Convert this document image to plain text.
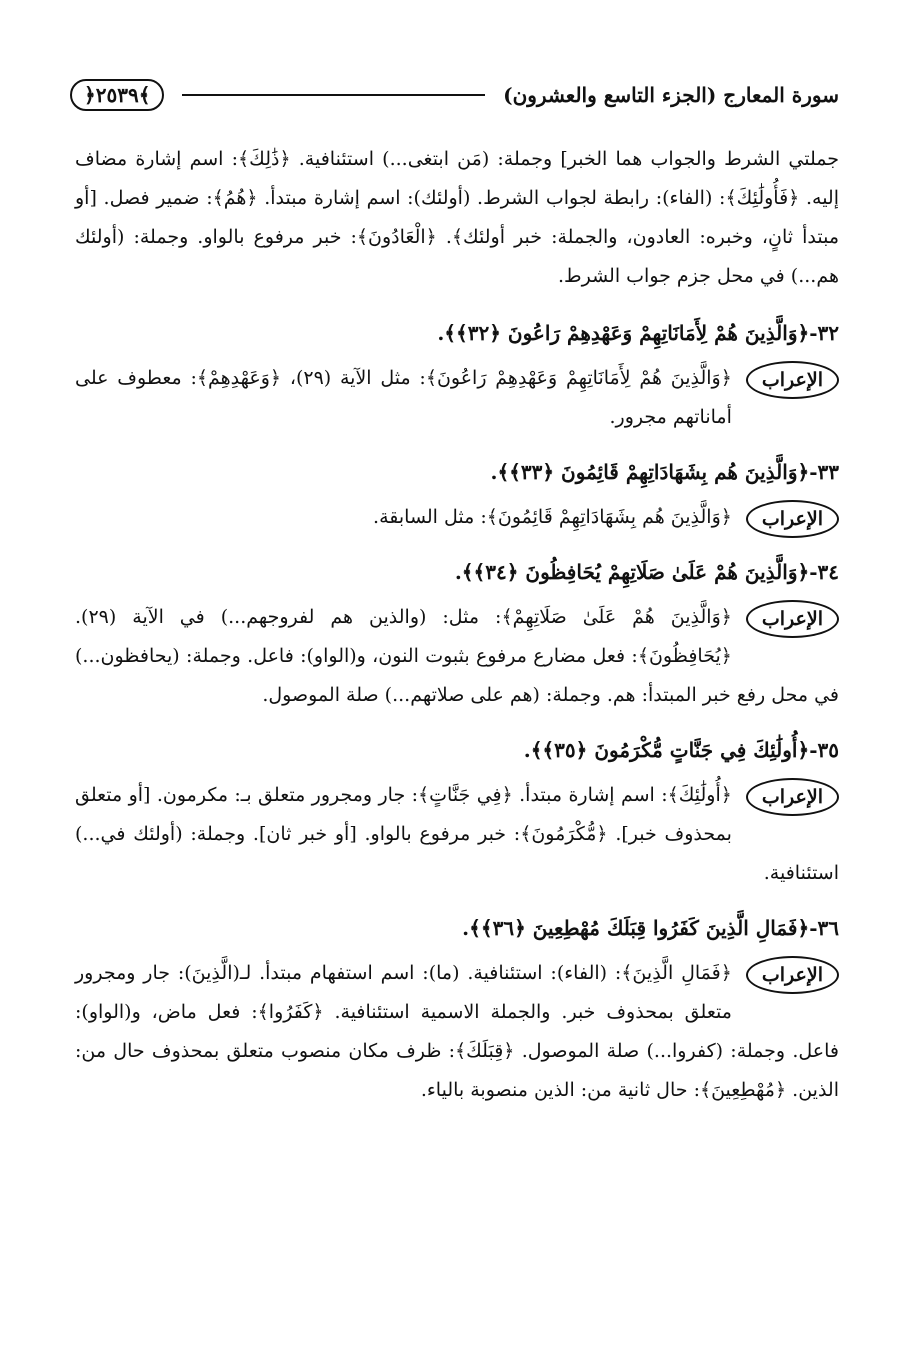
﴿٢٥٣٩﴾	سورة المعارج (الجزء التاسع والعشرون)

جملتي الشرط والجواب هما الخبر] وجملة: (مَن ابتغى...) استئنافية. ﴿ذَٰلِكَ﴾: اسم إشارة مضاف إليه. ﴿فَأُولَٰئِكَ﴾: (الفاء): رابطة لجواب الشرط. (أولئك): اسم إشارة مبتدأ. ﴿هُمُ﴾: ضمير فصل. [أو مبتدأ ثانٍ، وخبره: العادون، والجملة: خبر أولئك﴾. ﴿الْعَادُونَ﴾: خبر مرفوع بالواو. وجملة: (أولئك هم...) في محل جزم جواب الشرط.

٣٢-﴿وَالَّذِينَ هُمْ لِأَمَانَاتِهِمْ وَعَهْدِهِمْ رَاعُونَ ﴿٣٢﴾﴾.

الإعراب
﴿وَالَّذِينَ هُمْ لِأَمَانَاتِهِمْ وَعَهْدِهِمْ رَاعُونَ﴾: مثل الآية (٢٩)، ﴿وَعَهْدِهِمْ﴾: معطوف على أماناتهم مجرور.

٣٣-﴿وَالَّذِينَ هُم بِشَهَادَاتِهِمْ قَائِمُونَ ﴿٣٣﴾﴾.

الإعراب
﴿وَالَّذِينَ هُم بِشَهَادَاتِهِمْ قَائِمُونَ﴾: مثل السابقة.

٣٤-﴿وَالَّذِينَ هُمْ عَلَىٰ صَلَاتِهِمْ يُحَافِظُونَ ﴿٣٤﴾﴾.

الإعراب
﴿وَالَّذِينَ هُمْ عَلَىٰ صَلَاتِهِمْ﴾: مثل: (والذين هم لفروجهم...) في الآية (٢٩). ﴿يُحَافِظُونَ﴾: فعل مضارع مرفوع بثبوت النون، و(الواو): فاعل. وجملة: (يحافظون...) في محل رفع خبر المبتدأ: هم. وجملة: (هم على صلاتهم...) صلة الموصول.

٣٥-﴿أُولَٰئِكَ فِي جَنَّاتٍ مُّكْرَمُونَ ﴿٣٥﴾﴾.

الإعراب
﴿أُولَٰئِكَ﴾: اسم إشارة مبتدأ. ﴿فِي جَنَّاتٍ﴾: جار ومجرور متعلق بـ: مكرمون. [أو متعلق بمحذوف خبر]. ﴿مُّكْرَمُونَ﴾: خبر مرفوع بالواو. [أو خبر ثان]. وجملة: (أولئك في...) استئنافية.

٣٦-﴿فَمَالِ الَّذِينَ كَفَرُوا قِبَلَكَ مُهْطِعِينَ ﴿٣٦﴾﴾.

الإعراب
﴿فَمَالِ الَّذِينَ﴾: (الفاء): استئنافية. (ما): اسم استفهام مبتدأ. لـ(الَّذِينَ): جار ومجرور متعلق بمحذوف خبر. والجملة الاسمية استئنافية. ﴿كَفَرُوا﴾: فعل ماض، و(الواو): فاعل. وجملة: (كفروا...) صلة الموصول. ﴿قِبَلَكَ﴾: ظرف مكان منصوب متعلق بمحذوف حال من: الذين. ﴿مُهْطِعِينَ﴾: حال ثانية من: الذين منصوبة بالياء.
